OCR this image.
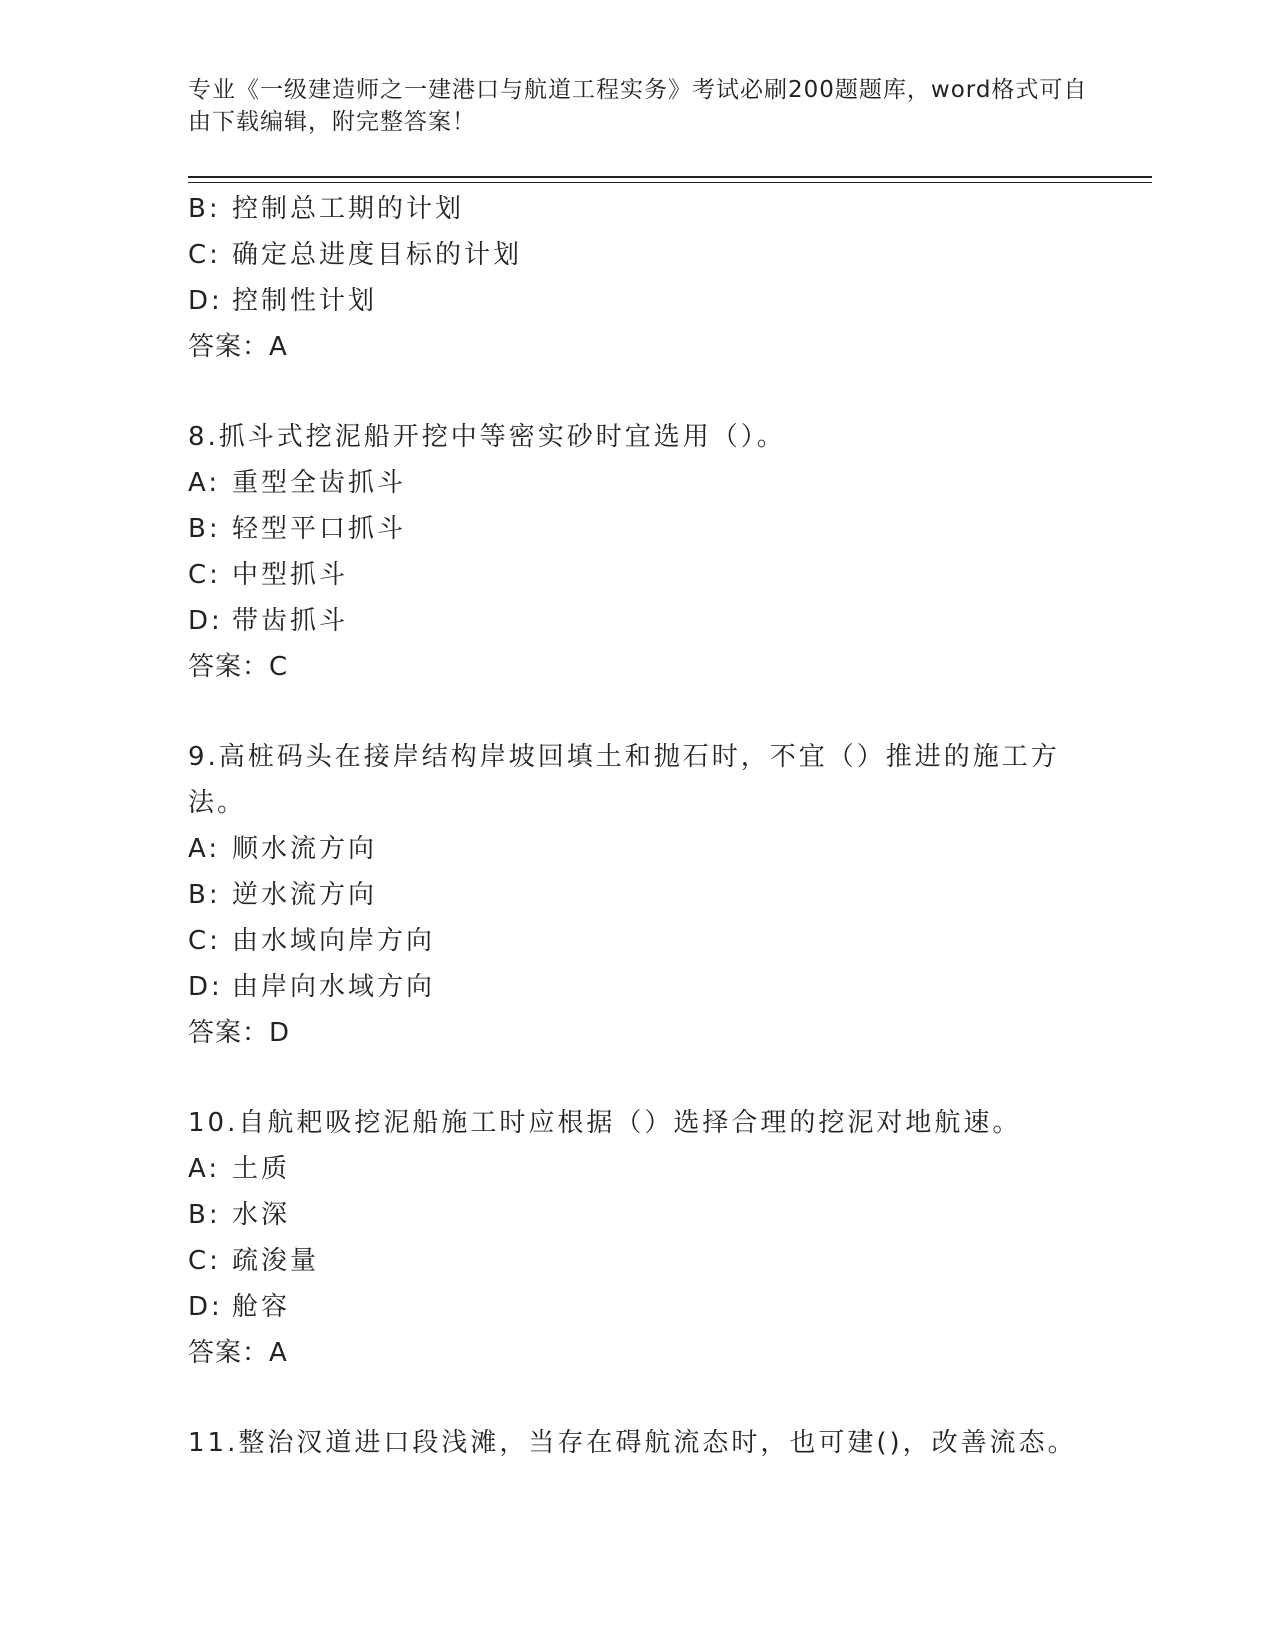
专业《一级建造师之一建港口与航道工程实务》考试必刷200题题库，word格式可自由下载编辑，附完整答案！
B: 控制总工期的计划
C: 确定总进度目标的计划
D: 控制性计划
答案：A
8.抓斗式挖泥船开挖中等密实砂时宜选用（）。
A: 重型全齿抓斗
B: 轻型平口抓斗
C: 中型抓斗
D: 带齿抓斗
答案：C
9.高桩码头在接岸结构岸坡回填土和抛石时，不宜（）推进的施工方法。
A: 顺水流方向
B: 逆水流方向
C: 由水域向岸方向
D: 由岸向水域方向
答案：D
10.自航耙吸挖泥船施工时应根据（）选择合理的挖泥对地航速。
A: 土质
B: 水深
C: 疏浚量
D: 舱容
答案：A
11.整治汊道进口段浅滩，当存在碍航流态时，也可建()，改善流态。
